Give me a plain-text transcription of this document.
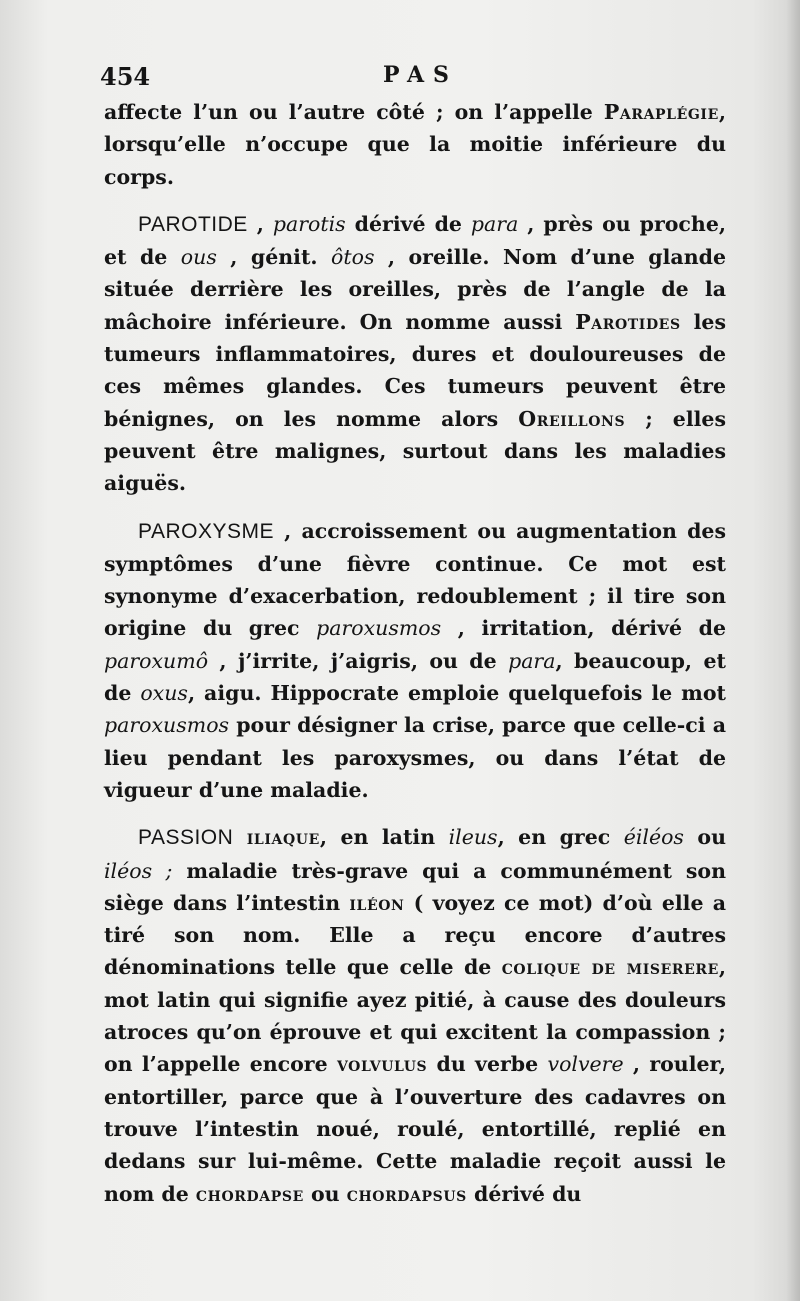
454	PAS

affecte l’un ou l’autre côté ; on l’appelle Paraplégie, lorsqu’elle n’occupe que la moitie inférieure du corps.

PAROTIDE , parotis dérivé de para , près ou proche, et de ous , génit. ôtos , oreille. Nom d’une glande située derrière les oreilles, près de l’angle de la mâchoire inférieure. On nomme aussi Parotides les tumeurs inflammatoires, dures et douloureuses de ces mêmes glandes. Ces tumeurs peuvent être bénignes, on les nomme alors Oreillons ; elles peuvent être malignes, surtout dans les maladies aiguës.

PAROXYSME , accroissement ou augmentation des symptômes d’une fièvre continue. Ce mot est synonyme d’exacerbation, redoublement ; il tire son origine du grec paroxusmos , irritation, dérivé de paroxumô , j’irrite, j’aigris, ou de para, beaucoup, et de oxus, aigu. Hippocrate emploie quelquefois le mot paroxusmos pour désigner la crise, parce que celle-ci a lieu pendant les paroxysmes, ou dans l’état de vigueur d’une maladie.

PASSION iliaque, en latin ileus, en grec éiléos ou iléos ; maladie très-grave qui a communément son siège dans l’intestin iléon ( voyez ce mot) d’où elle a tiré son nom. Elle a reçu encore d’autres dénominations telle que celle de colique de miserere, mot latin qui signifie ayez pitié, à cause des douleurs atroces qu’on éprouve et qui excitent la compassion ; on l’appelle encore volvulus du verbe volvere , rouler, entortiller, parce que à l’ouverture des cadavres on trouve l’intestin noué, roulé, entortillé, replié en dedans sur lui-même. Cette maladie reçoit aussi le nom de chordapse ou chordapsus dérivé du
